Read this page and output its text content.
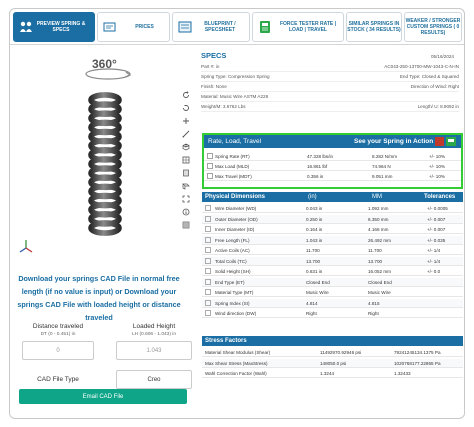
PREVIEW SPRING & SPECS	PRICES	BLUEPRINT / SPECSHEET
FORCE TESTER RATE | LOAD | TRAVEL
SIMILAR SPRINGS IN STOCK ( 34 RESULTS)
WEAKER / STRONGER CUSTOM SPRINGS ( 0 RESULTS)
360°
Download your springs CAD File in normal free length (if no value is input) or Download your springs CAD File with loaded height or distance traveled
Distance traveled
DT (0 - 0.451) in
0
Loaded Height
LH (0.606 - 1.043) in
1.043
CAD File Type	Creo
Email CAD File
SPECS	05/16/2024
Part #: in	AC043-250-13700-MW-1043-C-N-IN
Spring Type: Compression Spring	End Type: Closed & Squared
Finish: None	Direction of Wind: Right
Material: Music Wire ASTM A228
Weight/M: 3.6762 Lbs	Length/ U: 8.9092 in
Rate, Load, Travel	See your Spring in Action
Spring Rate (RT)	47.328 lbs/in	8.282 N/mm	+/- 10%
Max Load (MLD)	16.861 lbf	74.964 N	+/- 10%
Max Travel (MDT)	0.356 in	9.051 mm	+/- 10%
Physical Dimensions	(in)	MM	Tolerances
Wire Diameter (WD)	0.043 in	1.092 mm	+/- 0.0005
Outer Diameter (OD)	0.250 in	6.350 mm	+/- 0.007
Inner Diameter (ID)	0.164 in	4.166 mm	+/- 0.007
Free Length (FL)	1.043 in	26.492 mm	+/- 0.035
Active Coils (AC)	11.700	11.700	+/- 1/4
Total Coils (TC)	13.700	13.700	+/- 1/4
Solid Height (SH)	0.631 in	16.052 mm	+/- 0.0
End Type (ET)	Closed End	Closed End
Material Type (MT)	Music Wire	Music Wire
Spring Index (SI)	4.814	4.815
Wind direction (DW)	Right	Right
Stress Factors
Material Shear Modulus (Shear)	11492970.92946 psi	79241245134.1375 Pa
Max Shear Stress (MaxStress)	148050.0 psi	1020768177.22865 Pa
Wahl Correction Factor (Wahl)	1.3244	1.32433
